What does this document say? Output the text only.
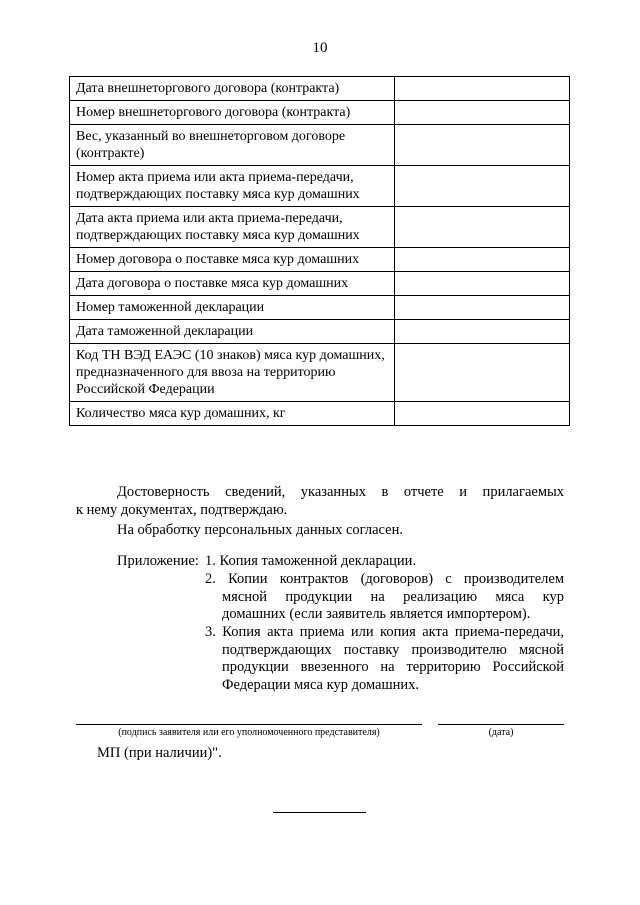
10
Дата внешнеторгового договора (контракта)	
Номер внешнеторгового договора (контракта)	
Вес, указанный во внешнеторговом договоре (контракте)	
Номер акта приема или акта приема-передачи, подтверждающих поставку мяса кур домашних	
Дата акта приема или акта приема-передачи, подтверждающих поставку мяса кур домашних	
Номер договора о поставке мяса кур домашних	
Дата договора о поставке мяса кур домашних	
Номер таможенной декларации	
Дата таможенной декларации	
Код ТН ВЭД ЕАЭС (10 знаков) мяса кур домашних, предназначенного для ввоза на территорию Российской Федерации	
Количество мяса кур домашних, кг	
Достоверность сведений, указанных в отчете и прилагаемых
к нему документах, подтверждаю.
На обработку персональных данных согласен.
Приложение: 1. Копия таможенной декларации.
2. Копии контрактов (договоров) с производителем
мясной продукции на реализацию мяса кур
домашних (если заявитель является импортером).
3. Копия акта приема или копия акта приема-передачи,
подтверждающих поставку производителю мясной
продукции ввезенного на территорию Российской
Федерации мяса кур домашних.
(подпись заявителя или его уполномоченного представителя)	(дата)
МП (при наличии)".
